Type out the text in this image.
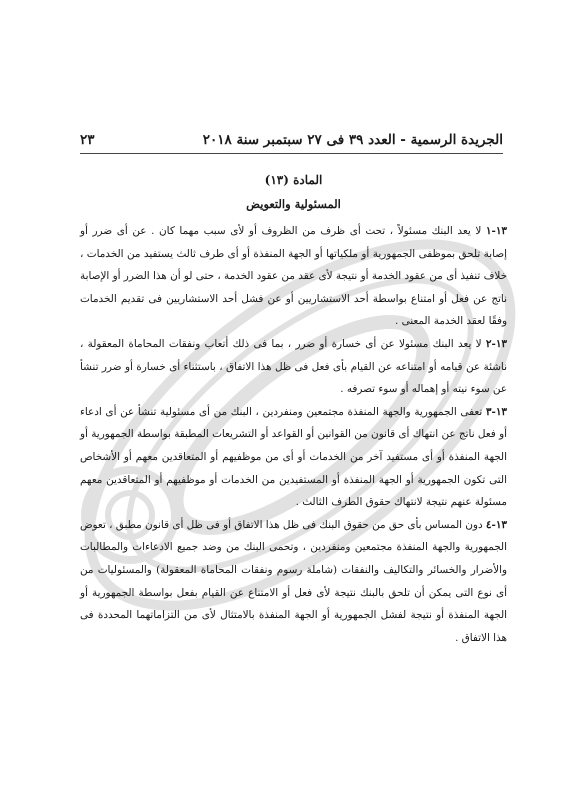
الجريدة الرسمية - العدد ٣٩ فى ٢٧ سبتمبر سنة ٢٠١٨
٢٣
المادة (١٣)
المسئولية والتعويض

١٣-١ لا يعد البنك مسئولاً ، تحت أى ظرف من الظروف أو لأى سبب مهما كان . عن أى ضرر أو إصابة تلحق بموظفى الجمهورية أو ملكياتها أو الجهة المنفذة أو أى طرف ثالث يستفيد من الخدمات ، خلاف تنفيذ أى من عقود الخدمة أو نتيجة لأى عقد من عقود الخدمة ، حتى لو أن هذا الضرر أو الإصابة ناتج عن فعل أو امتناع بواسطة أحد الاستشاريين أو عن فشل أحد الاستشاريين فى تقديم الخدمات وفقًا لعقد الخدمة المعنى .

١٣-٢ لا يعد البنك مسئولا عن أى خسارة أو ضرر ، بما فى ذلك أتعاب ونفقات المحاماة المعقولة ، ناشئة عن قيامه أو امتناعه عن القيام بأى فعل فى ظل هذا الاتفاق ، باستثناء أى خسارة أو ضرر تنشأ عن سوء نيته أو إهماله أو سوء تصرفه .

١٣-٣ تعفى الجمهورية والجهة المنفذة مجتمعين ومنفردين ، البنك من أى مسئولية تنشأ عن أى ادعاء أو فعل ناتج عن انتهاك أى قانون من القوانين أو القواعد أو التشريعات المطبقة بواسطة الجمهورية أو الجهة المنفذة أو أى مستفيد آخر من الخدمات أو أى من موظفيهم أو المتعاقدين معهم أو الأشخاص التى تكون الجمهورية أو الجهة المنفذة أو المستفيدين من الخدمات أو موظفيهم أو المتعاقدين معهم مسئولة عنهم نتيجة لانتهاك حقوق الطرف الثالث .

١٣-٤ دون المساس بأى حق من حقوق البنك فى ظل هذا الاتفاق أو فى ظل أى قانون مطبق ، تعوض الجمهورية والجهة المنفذة مجتمعين ومنفردين ، وتحمى البنك من وضد جميع الادعاءات والمطالبات والأضرار والخسائر والتكاليف والنفقات (شاملة رسوم ونفقات المحاماة المعقولة) والمسئوليات من أى نوع التى يمكن أن تلحق بالبنك نتيجة لأى فعل أو الامتناع عن القيام بفعل بواسطة الجمهورية أو الجهة المنفذة أو نتيجة لفشل الجمهورية أو الجهة المنفذة بالامتثال لأى من التزاماتهما المحددة فى هذا الاتفاق .
